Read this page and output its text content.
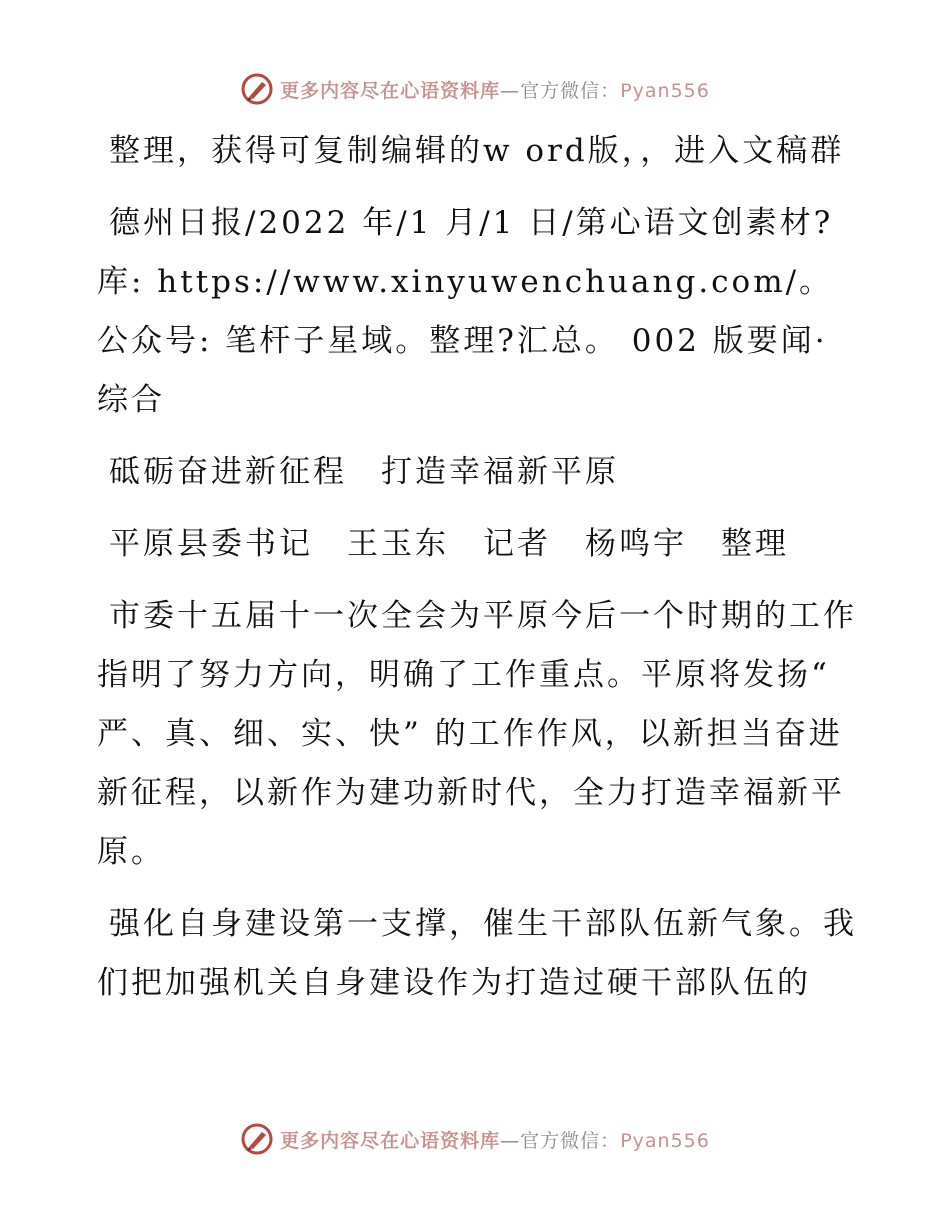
更多内容尽在心语资料库—官方微信：Pyan556

整理，获得可复制编辑的w ord版，，进入文稿群

德州日报/2022 年/1 月/1 日/第心语文创素材?库: https://www.xinyuwenchuang.com/。公众号: 笔杆子星域。整理?汇总。 002 版要闻· 综合

砥砺奋进新征程　打造幸福新平原

平原县委书记　王玉东　记者　杨鸣宇　整理

市委十五届十一次全会为平原今后一个时期的工作指明了努力方向，明确了工作重点。平原将发扬“ 严、真、细、实、快” 的工作作风，以新担当奋进新征程，以新作为建功新时代，全力打造幸福新平原。

强化自身建设第一支撑，催生干部队伍新气象。我们把加强机关自身建设作为打造过硬干部队伍的

更多内容尽在心语资料库—官方微信：Pyan556
